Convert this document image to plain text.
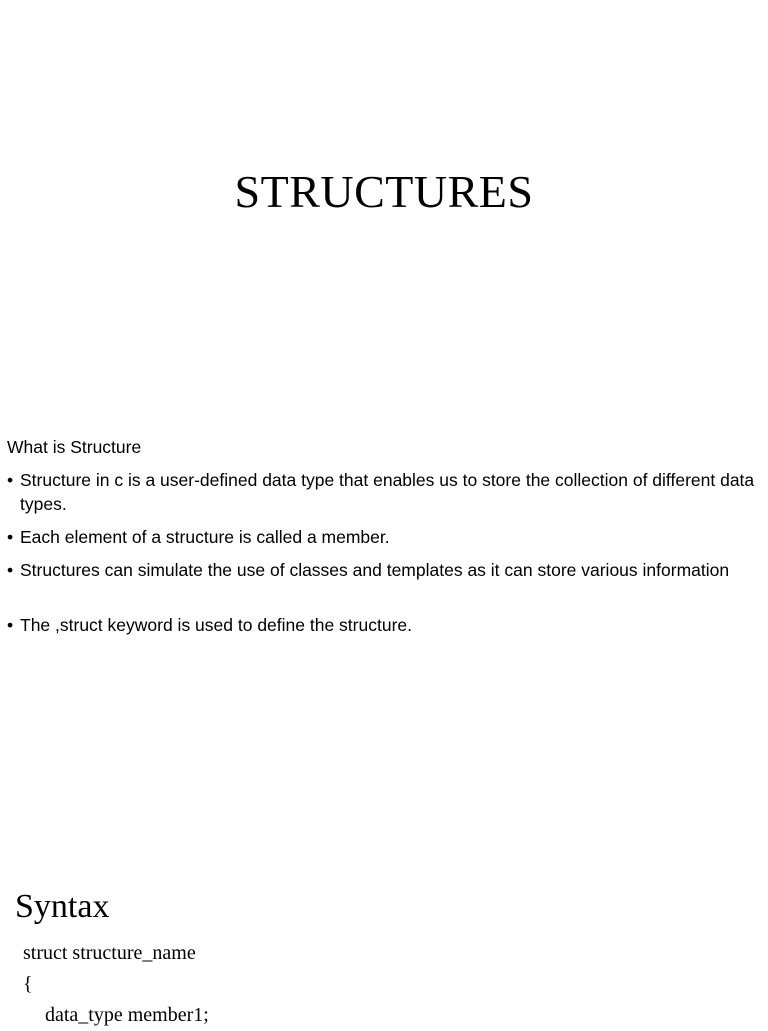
STRUCTURES
What is Structure
• Structure in c is a user-defined data type that enables us to store the collection of different data types.
• Each element of a structure is called a member.
• Structures can simulate the use of classes and templates as it can store various information
• The ,struct keyword is used to define the structure.
Syntax
struct structure_name
{
data_type member1;
